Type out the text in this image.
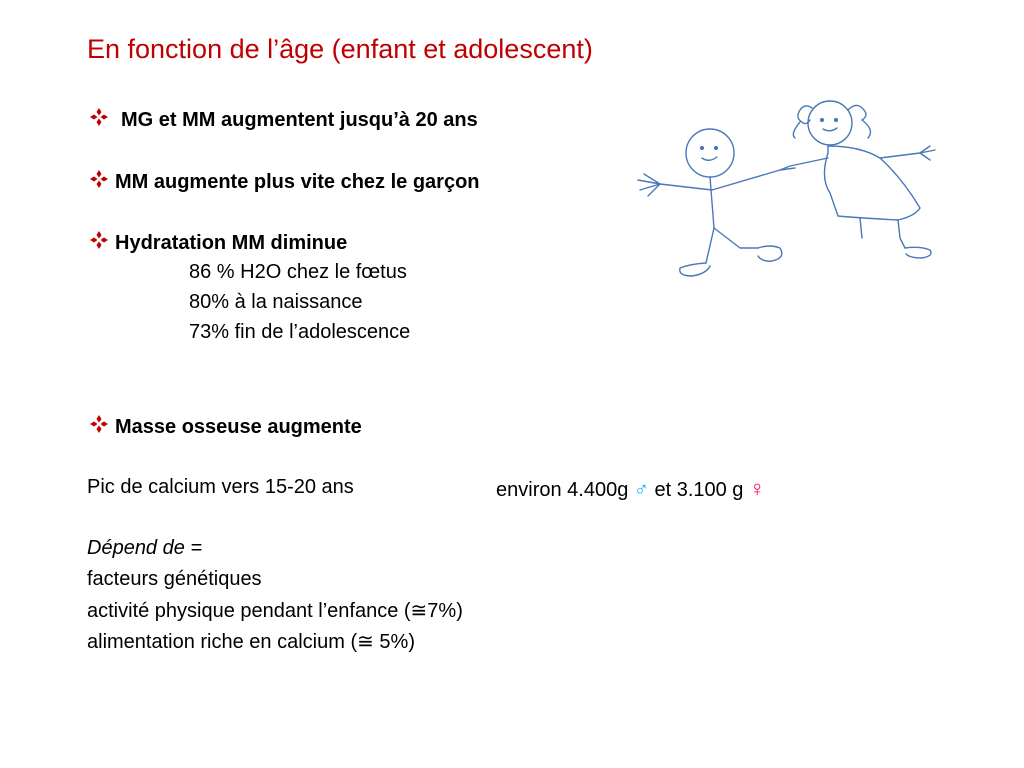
En fonction de l’âge (enfant et adolescent)
MG et MM augmentent jusqu’à 20 ans
MM augmente plus vite chez le garçon
Hydratation MM diminue
86 % H2O chez le fœtus
80% à la naissance
73% fin de l’adolescence
Masse osseuse augmente
Pic de calcium vers 15-20 ans	environ 4.400g ♂ et 3.100 g ♀
Dépend de =
facteurs génétiques
activité physique pendant l’enfance (≅7%)
alimentation riche en calcium (≅ 5%)
